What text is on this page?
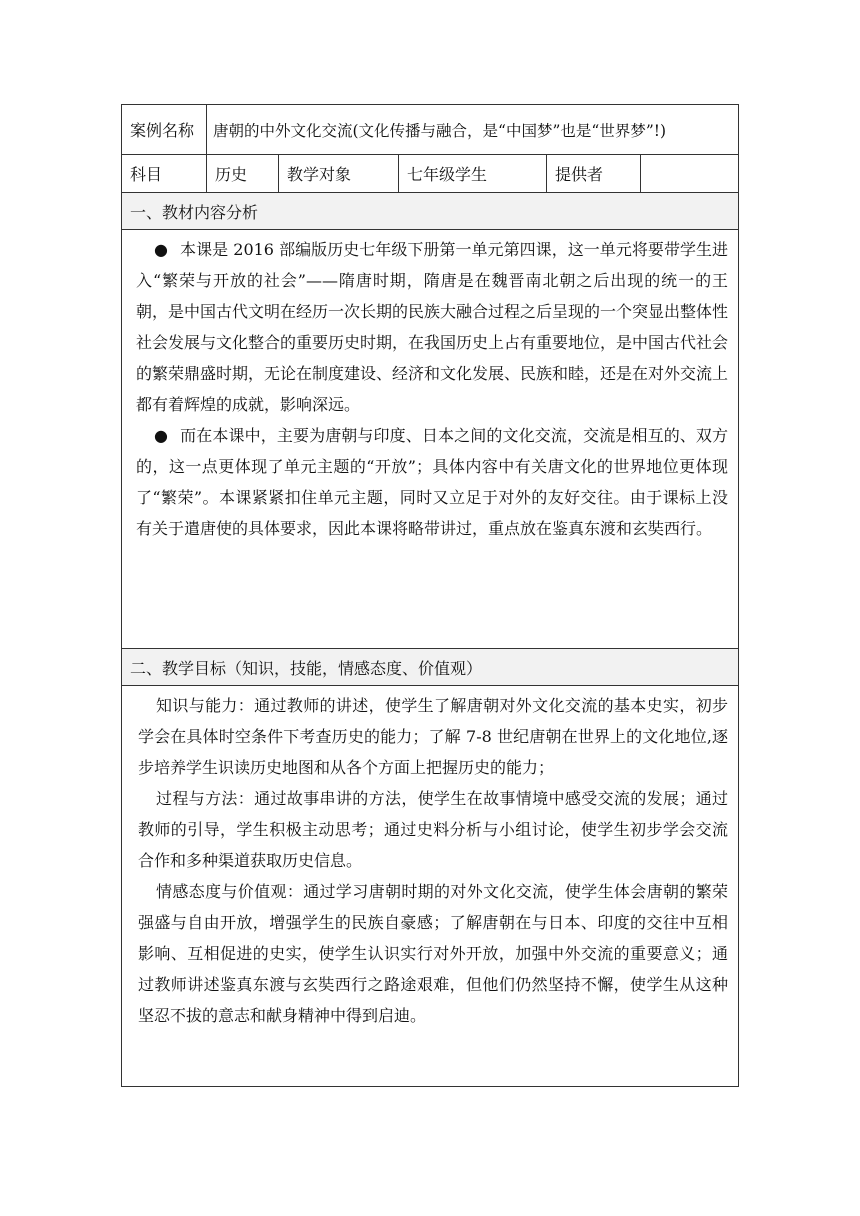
案例名称	唐朝的中外文化交流(文化传播与融合，是“中国梦”也是“世界梦”!)				
科目	历史	教学对象	七年级学生	提供者	
一、教材内容分析					

● 本课是 2016 部编版历史七年级下册第一单元第四课，这一单元将要带学生进入“繁荣与开放的社会”——隋唐时期，隋唐是在魏晋南北朝之后出现的统一的王朝，是中国古代文明在经历一次长期的民族大融合过程之后呈现的一个突显出整体性社会发展与文化整合的重要历史时期，在我国历史上占有重要地位，是中国古代社会的繁荣鼎盛时期，无论在制度建设、经济和文化发展、民族和睦，还是在对外交流上都有着辉煌的成就，影响深远。

● 而在本课中，主要为唐朝与印度、日本之间的文化交流，交流是相互的、双方的，这一点更体现了单元主题的“开放”；具体内容中有关唐文化的世界地位更体现了“繁荣”。本课紧紧扣住单元主题，同时又立足于对外的友好交往。由于课标上没有关于遣唐使的具体要求，因此本课将略带讲过，重点放在鉴真东渡和玄奘西行。					

二、教学目标（知识，技能，情感态度、价值观）					

知识与能力：通过教师的讲述，使学生了解唐朝对外文化交流的基本史实，初步学会在具体时空条件下考查历史的能力；了解 7-8 世纪唐朝在世界上的文化地位,逐步培养学生识读历史地图和从各个方面上把握历史的能力；

过程与方法：通过故事串讲的方法，使学生在故事情境中感受交流的发展；通过教师的引导，学生积极主动思考；通过史料分析与小组讨论，使学生初步学会交流合作和多种渠道获取历史信息。

情感态度与价值观：通过学习唐朝时期的对外文化交流，使学生体会唐朝的繁荣强盛与自由开放，增强学生的民族自豪感；了解唐朝在与日本、印度的交往中互相影响、互相促进的史实，使学生认识实行对外开放，加强中外交流的重要意义；通过教师讲述鉴真东渡与玄奘西行之路途艰难，但他们仍然坚持不懈，使学生从这种坚忍不拔的意志和献身精神中得到启迪。					
